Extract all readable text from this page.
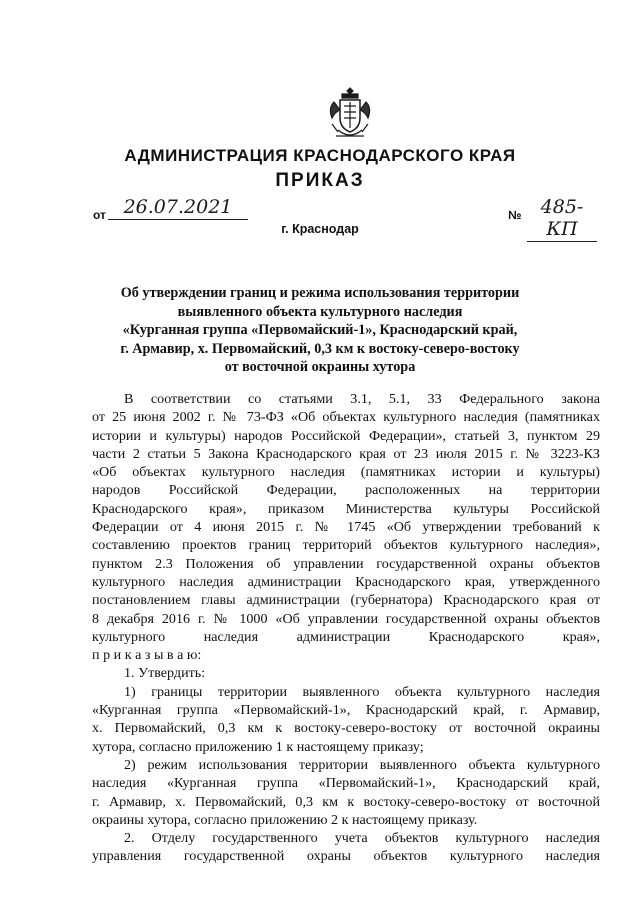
АДМИНИСТРАЦИЯ КРАСНОДАРСКОГО КРАЯ
ПРИКАЗ
от 26.07.2021	№	485-КП
г. Краснодар
Об утверждении границ и режима использования территории
выявленного объекта культурного наследия
«Курганная группа «Первомайский-1», Краснодарский край,
г. Армавир, х. Первомайский, 0,3 км к востоку-северо-востоку
от восточной окраины хутора
В соответствии со статьями 3.1, 5.1, 33 Федерального закона
от 25 июня 2002 г. № 73-ФЗ «Об объектах культурного наследия (памятниках
истории и культуры) народов Российской Федерации», статьей 3, пунктом 29
части 2 статьи 5 Закона Краснодарского края от 23 июля 2015 г. № 3223-КЗ
«Об объектах культурного наследия (памятниках истории и культуры)
народов Российской Федерации, расположенных на территории
Краснодарского края», приказом Министерства культуры Российской
Федерации от 4 июня 2015 г. № 1745 «Об утверждении требований к
составлению проектов границ территорий объектов культурного наследия»,
пунктом 2.3 Положения об управлении государственной охраны объектов
культурного наследия администрации Краснодарского края, утвержденного
постановлением главы администрации (губернатора) Краснодарского края от
8 декабря 2016 г. № 1000 «Об управлении государственной охраны объектов
культурного наследия администрации Краснодарского края»,
п р и к а з ы в а ю:
1. Утвердить:
1) границы территории выявленного объекта культурного наследия
«Курганная группа «Первомайский-1», Краснодарский край, г. Армавир,
х. Первомайский, 0,3 км к востоку-северо-востоку от восточной окраины
хутора, согласно приложению 1 к настоящему приказу;
2) режим использования территории выявленного объекта культурного
наследия «Курганная группа «Первомайский-1», Краснодарский край,
г. Армавир, х. Первомайский, 0,3 км к востоку-северо-востоку от восточной
окраины хутора, согласно приложению 2 к настоящему приказу.
2. Отделу государственного учета объектов культурного наследия
управления государственной охраны объектов культурного наследия
